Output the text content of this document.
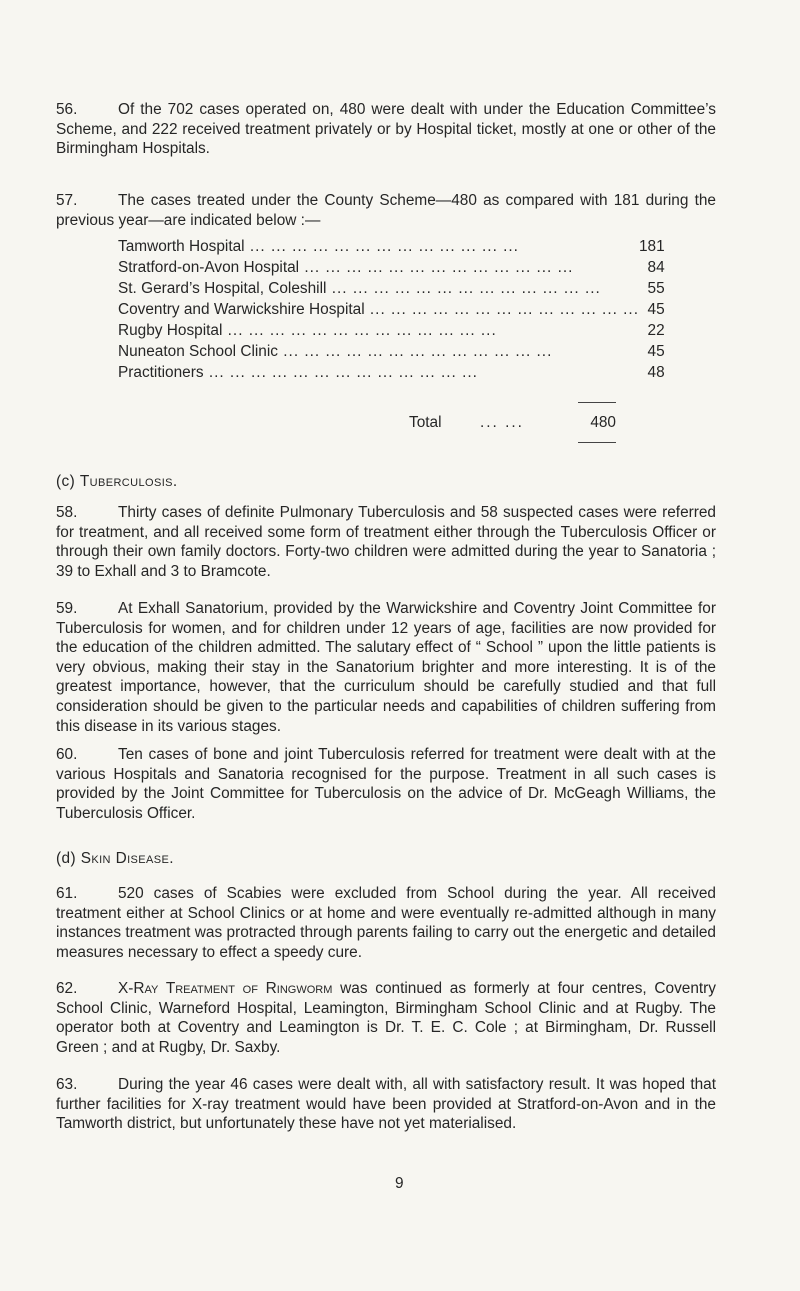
56.	Of the 702 cases operated on, 480 were dealt with under the Education Committee’s Scheme, and 222 received treatment privately or by Hospital ticket, mostly at one or other of the Birmingham Hospitals.

57.	The cases treated under the County Scheme—480 as compared with 181 during the previous year—are indicated below :—

Tamworth Hospital ... .	181
Stratford-on-Avon Hospital ... .	84
St. Gerard’s Hospital, Coleshill ... .	55
Coventry and Warwickshire Hospital ... .	45
Rugby Hospital ... .	22
Nuneaton School Clinic ... .	45
Practitioners ... .	48
Total ... ...	480

(c) Tuberculosis.

58.	Thirty cases of definite Pulmonary Tuberculosis and 58 suspected cases were referred for treatment, and all received some form of treatment either through the Tuberculosis Officer or through their own family doctors. Forty-two children were admitted during the year to Sanatoria ; 39 to Exhall and 3 to Bramcote.

59.	At Exhall Sanatorium, provided by the Warwickshire and Coventry Joint Committee for Tuberculosis for women, and for children under 12 years of age, facilities are now provided for the education of the children admitted. The salutary effect of “ School ” upon the little patients is very obvious, making their stay in the Sanatorium brighter and more interesting. It is of the greatest importance, however, that the curriculum should be carefully studied and that full consideration should be given to the particular needs and capabilities of children suffering from this disease in its various stages.

60.	Ten cases of bone and joint Tuberculosis referred for treatment were dealt with at the various Hospitals and Sanatoria recognised for the purpose. Treatment in all such cases is provided by the Joint Committee for Tuberculosis on the advice of Dr. McGeagh Williams, the Tuberculosis Officer.

(d) Skin Disease.

61.	520 cases of Scabies were excluded from School during the year. All received treatment either at School Clinics or at home and were eventually re-admitted although in many instances treatment was protracted through parents failing to carry out the energetic and detailed measures necessary to effect a speedy cure.

62.	X-Ray Treatment of Ringworm was continued as formerly at four centres, Coventry School Clinic, Warneford Hospital, Leamington, Birmingham School Clinic and at Rugby. The operator both at Coventry and Leamington is Dr. T. E. C. Cole ; at Birmingham, Dr. Russell Green ; and at Rugby, Dr. Saxby.

63.	During the year 46 cases were dealt with, all with satisfactory result. It was hoped that further facilities for X-ray treatment would have been provided at Stratford-on-Avon and in the Tamworth district, but unfortunately these have not yet materialised.

9
